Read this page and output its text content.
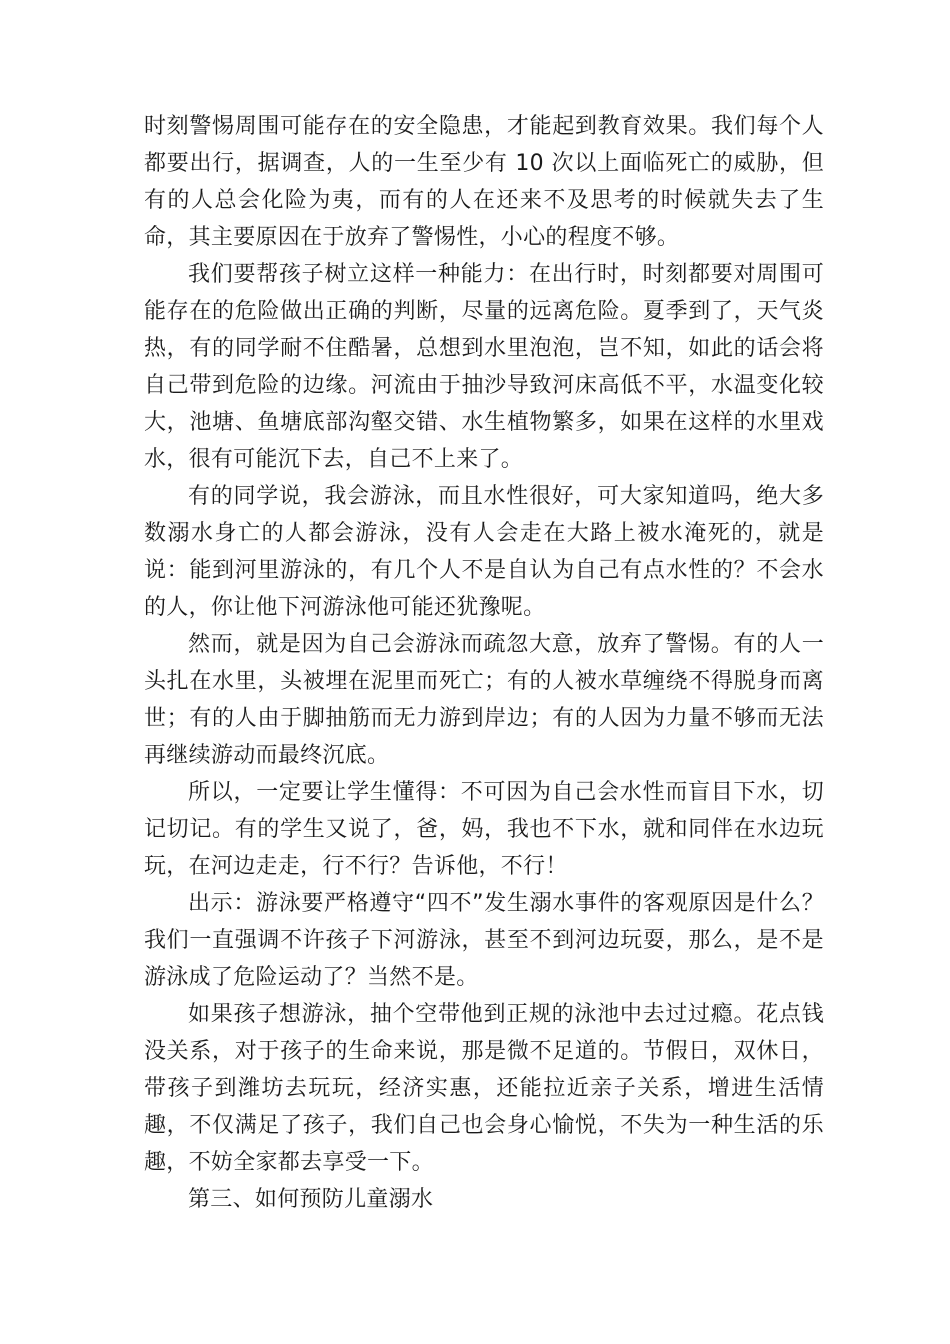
时刻警惕周围可能存在的安全隐患，才能起到教育效果。我们每个人都要出行，据调查，人的一生至少有 10 次以上面临死亡的威胁，但有的人总会化险为夷，而有的人在还来不及思考的时候就失去了生命，其主要原因在于放弃了警惕性，小心的程度不够。

我们要帮孩子树立这样一种能力：在出行时，时刻都要对周围可能存在的危险做出正确的判断，尽量的远离危险。夏季到了，天气炎热，有的同学耐不住酷暑，总想到水里泡泡，岂不知，如此的话会将自己带到危险的边缘。河流由于抽沙导致河床高低不平，水温变化较大，池塘、鱼塘底部沟壑交错、水生植物繁多，如果在这样的水里戏水，很有可能沉下去，自己不上来了。

有的同学说，我会游泳，而且水性很好，可大家知道吗，绝大多数溺水身亡的人都会游泳，没有人会走在大路上被水淹死的，就是说：能到河里游泳的，有几个人不是自认为自己有点水性的？不会水的人，你让他下河游泳他可能还犹豫呢。

然而，就是因为自己会游泳而疏忽大意，放弃了警惕。有的人一头扎在水里，头被埋在泥里而死亡；有的人被水草缠绕不得脱身而离世；有的人由于脚抽筋而无力游到岸边；有的人因为力量不够而无法再继续游动而最终沉底。

所以，一定要让学生懂得：不可因为自己会水性而盲目下水，切记切记。有的学生又说了，爸，妈，我也不下水，就和同伴在水边玩玩，在河边走走，行不行？告诉他，不行！

出示：游泳要严格遵守“四不”发生溺水事件的客观原因是什么？我们一直强调不许孩子下河游泳，甚至不到河边玩耍，那么，是不是游泳成了危险运动了？当然不是。

如果孩子想游泳，抽个空带他到正规的泳池中去过过瘾。花点钱没关系，对于孩子的生命来说，那是微不足道的。节假日，双休日，带孩子到潍坊去玩玩，经济实惠，还能拉近亲子关系，增进生活情趣，不仅满足了孩子，我们自己也会身心愉悦，不失为一种生活的乐趣，不妨全家都去享受一下。

第三、如何预防儿童溺水
